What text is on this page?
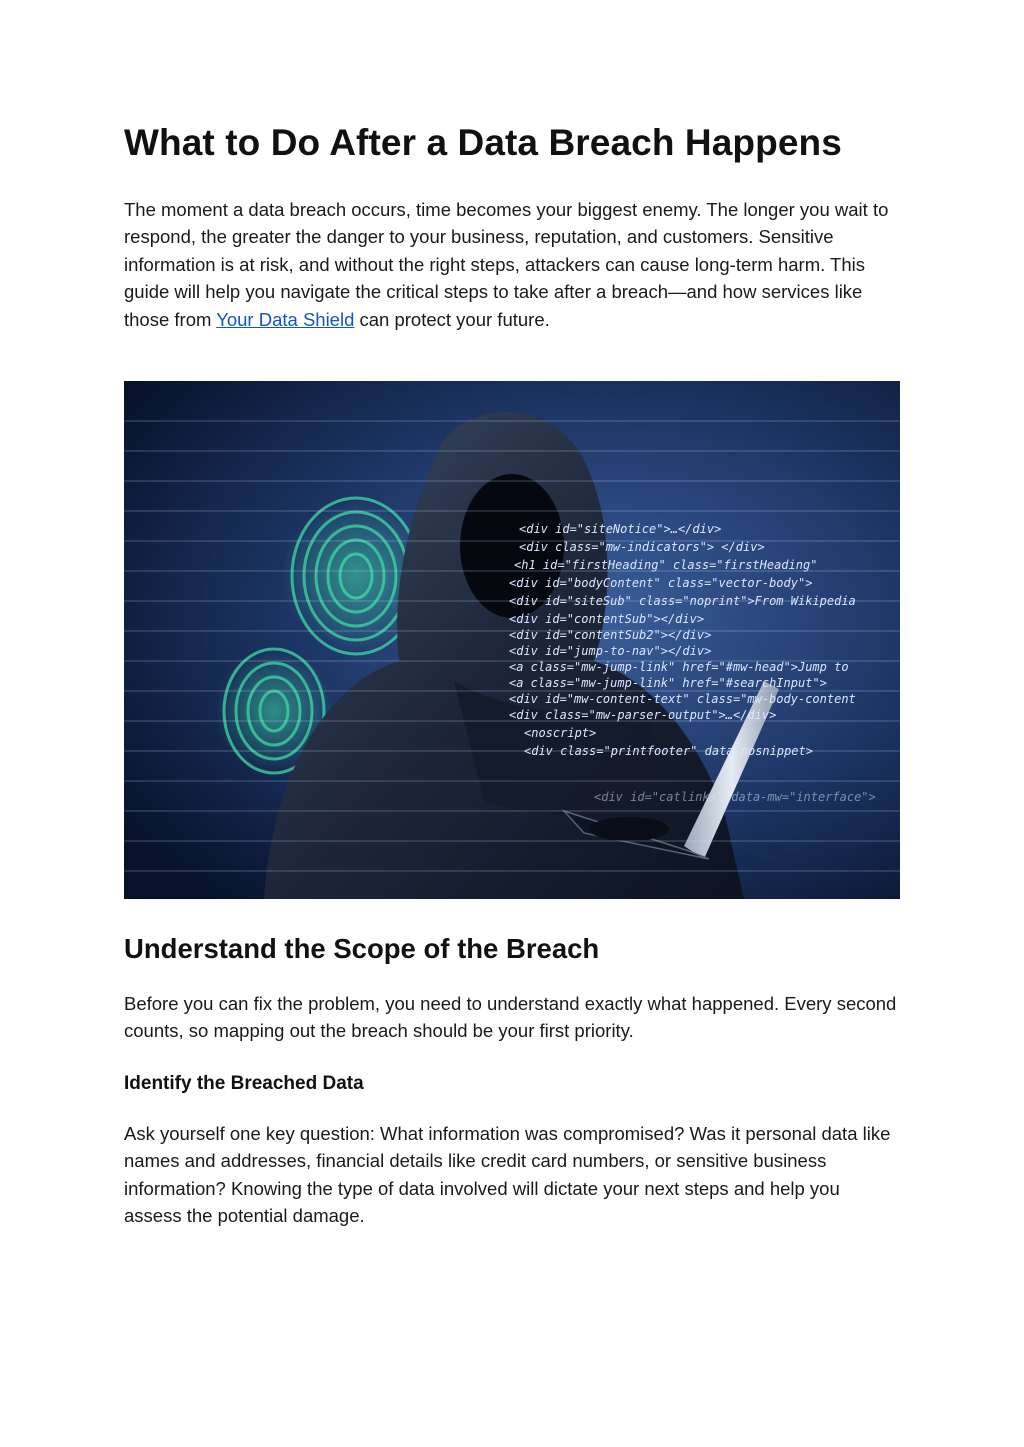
What to Do After a Data Breach Happens

The moment a data breach occurs, time becomes your biggest enemy. The longer you wait to respond, the greater the danger to your business, reputation, and customers. Sensitive information is at risk, and without the right steps, attackers can cause long-term harm. This guide will help you navigate the critical steps to take after a breach—and how services like those from Your Data Shield can protect your future.

<div id="siteNotice">…</div>
<div class="mw-indicators"> </div>
<h1 id="firstHeading" class="firstHeading"
<div id="bodyContent" class="vector-body">
<div id="siteSub" class="noprint">From Wikipedia
<div id="contentSub"></div>
<div id="contentSub2"></div>
<div id="jump-to-nav"></div>
<a class="mw-jump-link" href="#mw-head">Jump to
<a class="mw-jump-link" href="#searchInput">
<div id="mw-content-text" class="mw-body-content
<div class="mw-parser-output">…</div>
<noscript>
<div class="printfooter" data-nosnippet>
<div id="catlinks" data-mw="interface">
Understand the Scope of the Breach

Before you can fix the problem, you need to understand exactly what happened. Every second counts, so mapping out the breach should be your first priority.

Identify the Breached Data

Ask yourself one key question: What information was compromised? Was it personal data like names and addresses, financial details like credit card numbers, or sensitive business information? Knowing the type of data involved will dictate your next steps and help you assess the potential damage.
